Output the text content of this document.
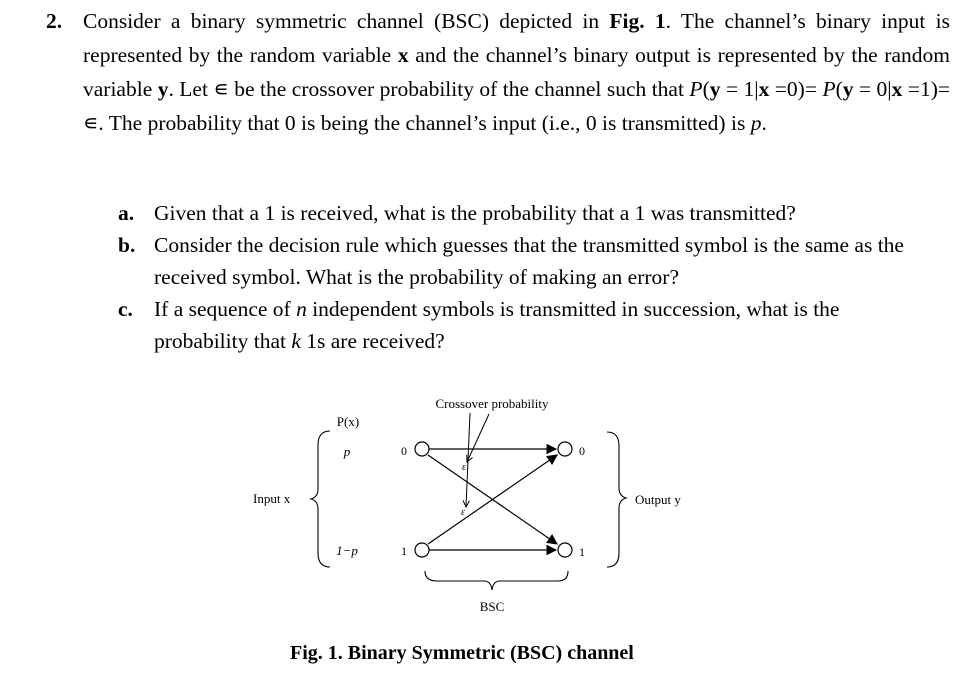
2. Consider a binary symmetric channel (BSC) depicted in Fig. 1. The channel’s binary input is represented by the random variable x and the channel’s binary output is represented by the random variable y. Let ∊ be the crossover probability of the channel such that P(y = 1|x =0)= P(y = 0|x =1)= ∊. The probability that 0 is being the channel’s input (i.e., 0 is transmitted) is p.
a. Given that a 1 is received, what is the probability that a 1 was transmitted?
b. Consider the decision rule which guesses that the transmitted symbol is the same as the received symbol. What is the probability of making an error?
c. If a sequence of n independent symbols is transmitted in succession, what is the probability that k 1s are received?
Crossover probability
P(x)
Input x
p
1−p
0
1
0
1
ε
ε
Output y
BSC
Fig. 1. Binary Symmetric (BSC) channel
